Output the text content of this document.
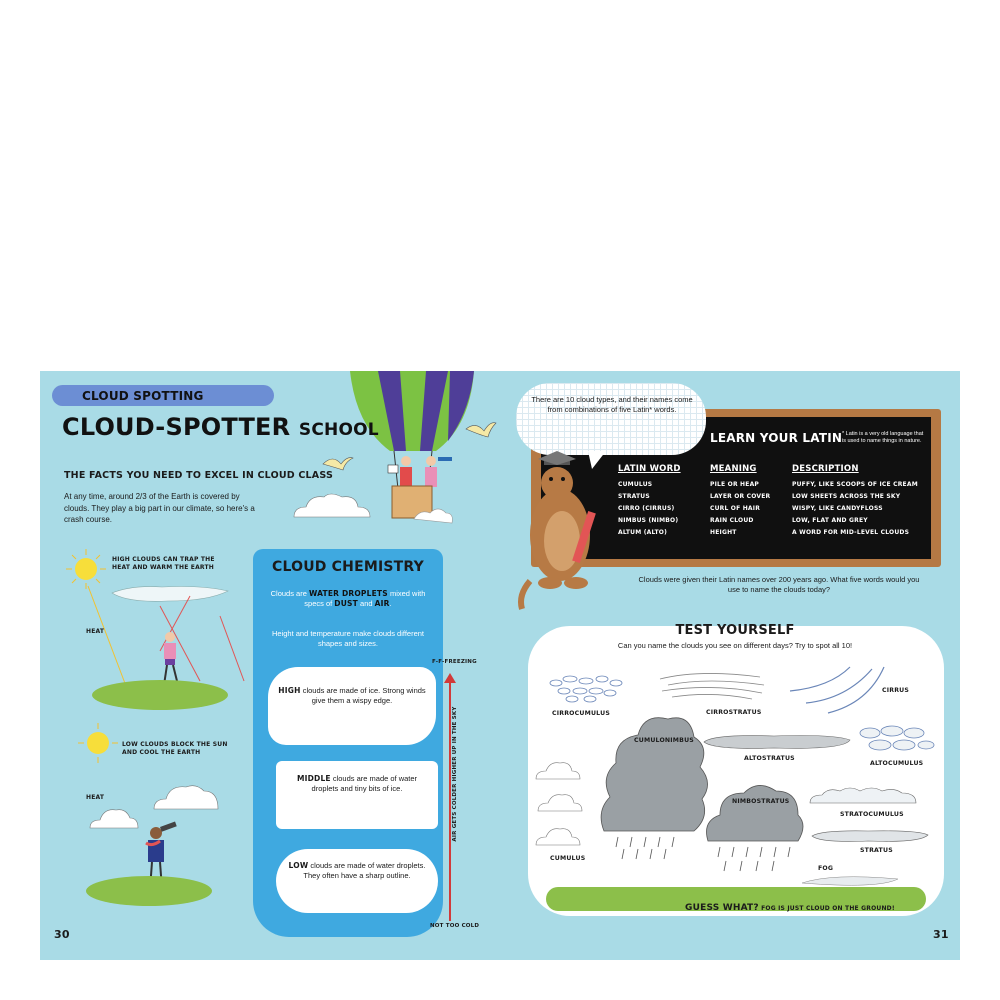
CLOUD SPOTTING
CLOUD-SPOTTER SCHOOL
THE FACTS YOU NEED TO EXCEL IN CLOUD CLASS
At any time, around 2/3 of the Earth is covered by clouds. They play a big part in our climate, so here's a crash course.
HIGH CLOUDS CAN TRAP THE HEAT AND WARM THE EARTH
HEAT
LOW CLOUDS BLOCK THE SUN AND COOL THE EARTH
HEAT
30
CLOUD CHEMISTRY
Clouds are WATER DROPLETS mixed with specs of DUST and AIR.
Height and temperature make clouds different shapes and sizes.
HIGH clouds are made of ice. Strong winds give them a wispy edge.
MIDDLE clouds are made of water droplets and tiny bits of ice.
LOW clouds are made of water droplets. They often have a sharp outline.
F-F-FREEZING
AIR GETS COLDER HIGHER UP IN THE SKY
NOT TOO COLD
LEARN YOUR LATIN * Latin is a very old language that is used to name things in nature.
LATIN WORD	MEANING	DESCRIPTION
CUMULUS	PILE OR HEAP	PUFFY, LIKE SCOOPS OF ICE CREAM
STRATUS	LAYER OR COVER	LOW SHEETS ACROSS THE SKY
CIRRO (CIRRUS)	CURL OF HAIR	WISPY, LIKE CANDYFLOSS
NIMBUS (NIMBO)	RAIN CLOUD	LOW, FLAT AND GREY
ALTUM (ALTO)	HEIGHT	A WORD FOR MID-LEVEL CLOUDS
There are 10 cloud types, and their names come from combinations of five Latin* words.
Clouds were given their Latin names over 200 years ago. What five words would you use to name the clouds today?
TEST YOURSELF
Can you name the clouds you see on different days? Try to spot all 10!
CIRROCUMULUS	CIRROSTRATUS
CIRRUS
CUMULONIMBUS
ALTOSTRATUS
ALTOCUMULUS
NIMBOSTRATUS
STRATOCUMULUS
STRATUS
CUMULUS
FOG
GUESS WHAT? FOG IS JUST CLOUD ON THE GROUND!
31
